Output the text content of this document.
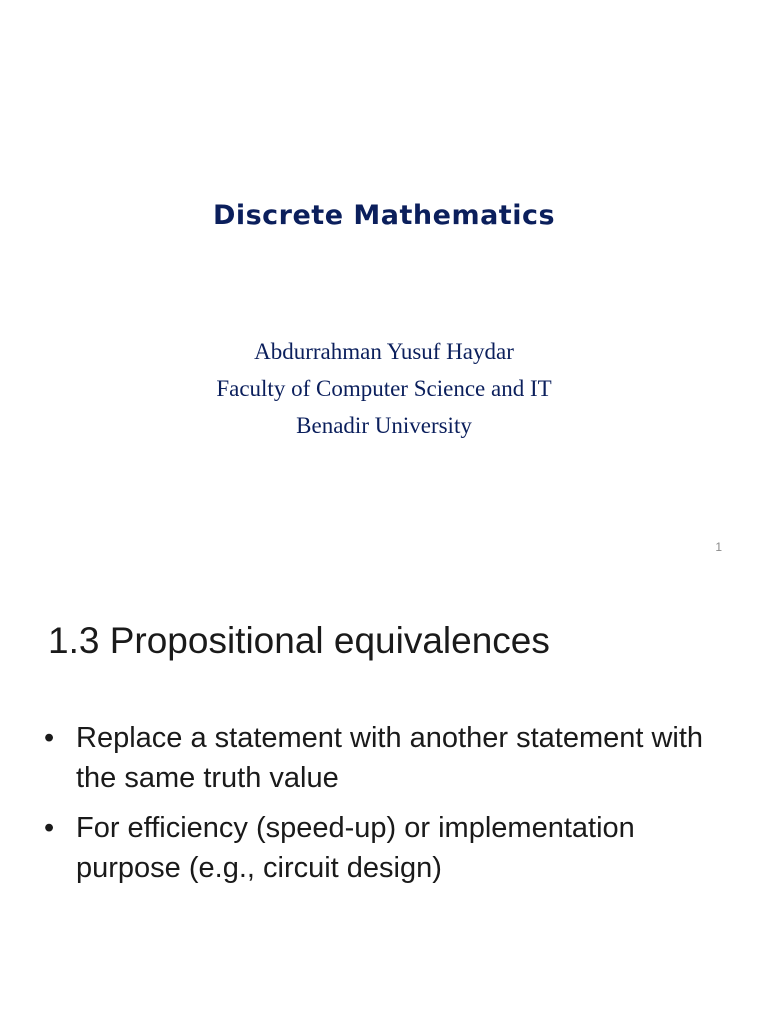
Discrete Mathematics
Abdurrahman Yusuf Haydar
Faculty of Computer Science and IT
Benadir University
1
1.3 Propositional equivalences
• Replace a statement with another statement with the same truth value
• For efficiency (speed-up) or implementation purpose (e.g., circuit design)
